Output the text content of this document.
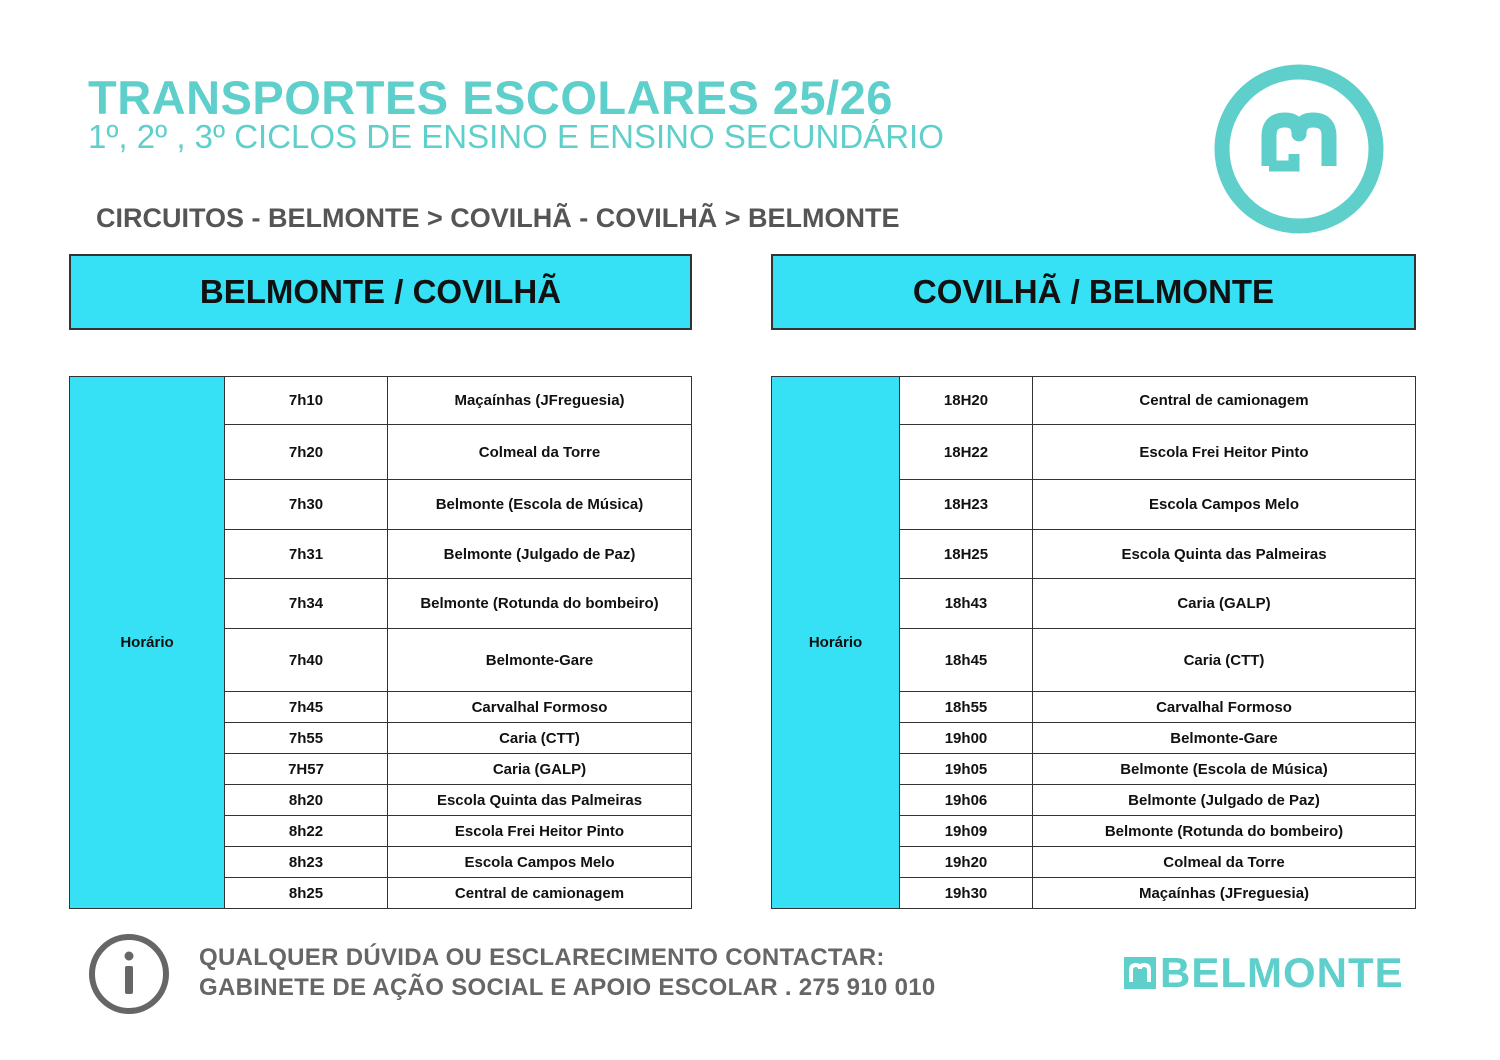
TRANSPORTES ESCOLARES 25/26

1º, 2º , 3º CICLOS DE ENSINO E ENSINO SECUNDÁRIO

CIRCUITOS - BELMONTE > COVILHÃ - COVILHÃ > BELMONTE

BELMONTE / COVILHÃ	COVILHÃ / BELMONTE
Horário	7h10	Maçaínhas (JFreguesia)
	7h20	Colmeal da Torre
	7h30	Belmonte (Escola de Música)
	7h31	Belmonte (Julgado de Paz)
	7h34	Belmonte (Rotunda do bombeiro)
	7h40	Belmonte-Gare
	7h45	Carvalhal Formoso
	7h55	Caria (CTT)
	7H57	Caria (GALP)
	8h20	Escola Quinta das Palmeiras
	8h22	Escola Frei Heitor Pinto
	8h23	Escola Campos Melo
	8h25	Central de camionagem
Horário	18H20	Central de camionagem
	18H22	Escola Frei Heitor Pinto
	18H23	Escola Campos Melo
	18H25	Escola Quinta das Palmeiras
	18h43	Caria (GALP)
	18h45	Caria (CTT)
	18h55	Carvalhal Formoso
	19h00	Belmonte-Gare
	19h05	Belmonte (Escola de Música)
	19h06	Belmonte (Julgado de Paz)
	19h09	Belmonte (Rotunda do bombeiro)
	19h20	Colmeal da Torre
	19h30	Maçaínhas (JFreguesia)

QUALQUER DÚVIDA OU ESCLARECIMENTO CONTACTAR:

GABINETE DE AÇÃO SOCIAL E APOIO ESCOLAR . 275 910 010	BELMONTE
